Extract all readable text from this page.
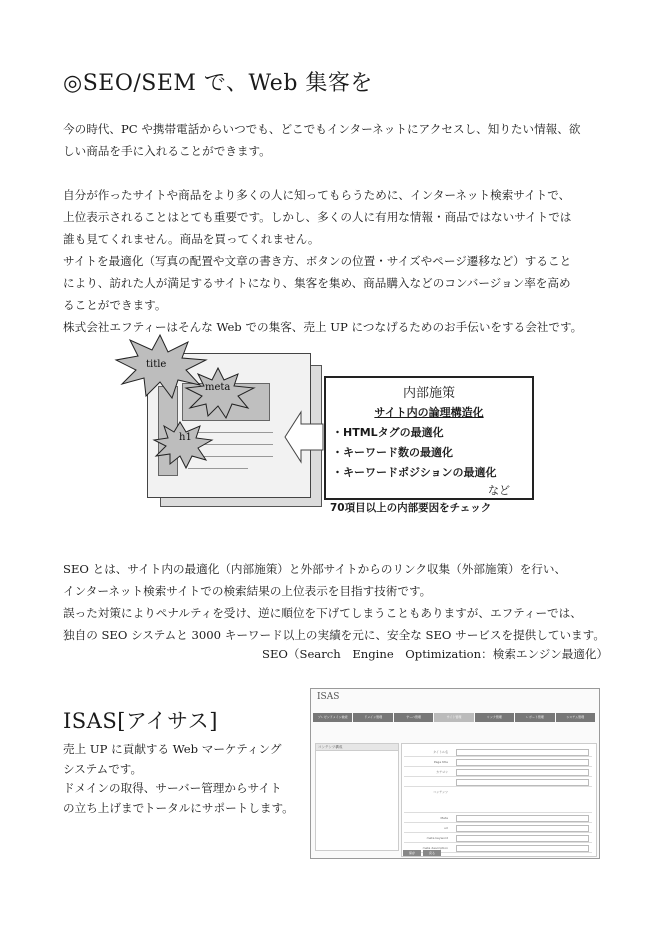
◎SEO/SEM で、Web 集客を
今の時代、PC や携帯電話からいつでも、どこでもインターネットにアクセスし、知りたい情報、欲
しい商品を手に入れることができます。
自分が作ったサイトや商品をより多くの人に知ってもらうために、インターネット検索サイトで、
上位表示されることはとても重要です。しかし、多くの人に有用な情報・商品ではないサイトでは
誰も見てくれません。商品を買ってくれません。
サイトを最適化（写真の配置や文章の書き方、ボタンの位置・サイズやページ遷移など）すること
により、訪れた人が満足するサイトになり、集客を集め、商品購入などのコンバージョン率を高め
ることができます。
株式会社エフティーはそんな Web での集客、売上 UP につなげるためのお手伝いをする会社です。
title
meta
h1
内部施策
サイト内の論理構造化
・HTMLタグの最適化
・キーワード数の最適化
・キーワードポジションの最適化
など
70項目以上の内部要因をチェック
SEO とは、サイト内の最適化（内部施策）と外部サイトからのリンク収集（外部施策）を行い、
インターネット検索サイトでの検索結果の上位表示を目指す技術です。
誤った対策によりペナルティを受け、逆に順位を下げてしまうこともありますが、エフティーでは、
独自の SEO システムと 3000 キーワード以上の実績を元に、安全な SEO サービスを提供しています。
SEO（Search　Engine　Optimization：検索エンジン最適化）
ISAS[アイサス]
売上 UP に貢献する Web マーケティング
システムです。
ドメインの取得、サーバー管理からサイト
の立ち上げまでトータルにサポートします。
ISAS
プレゼンドメイン検索	ドメイン管理	サーバ管理	サイト管理	リンク管理	レポート管理	システム管理
コンテンツ構成
タイトル名
Page title
カテゴリ
コンテンツ
Meta
url
meta keyword
meta description
保存	戻る
